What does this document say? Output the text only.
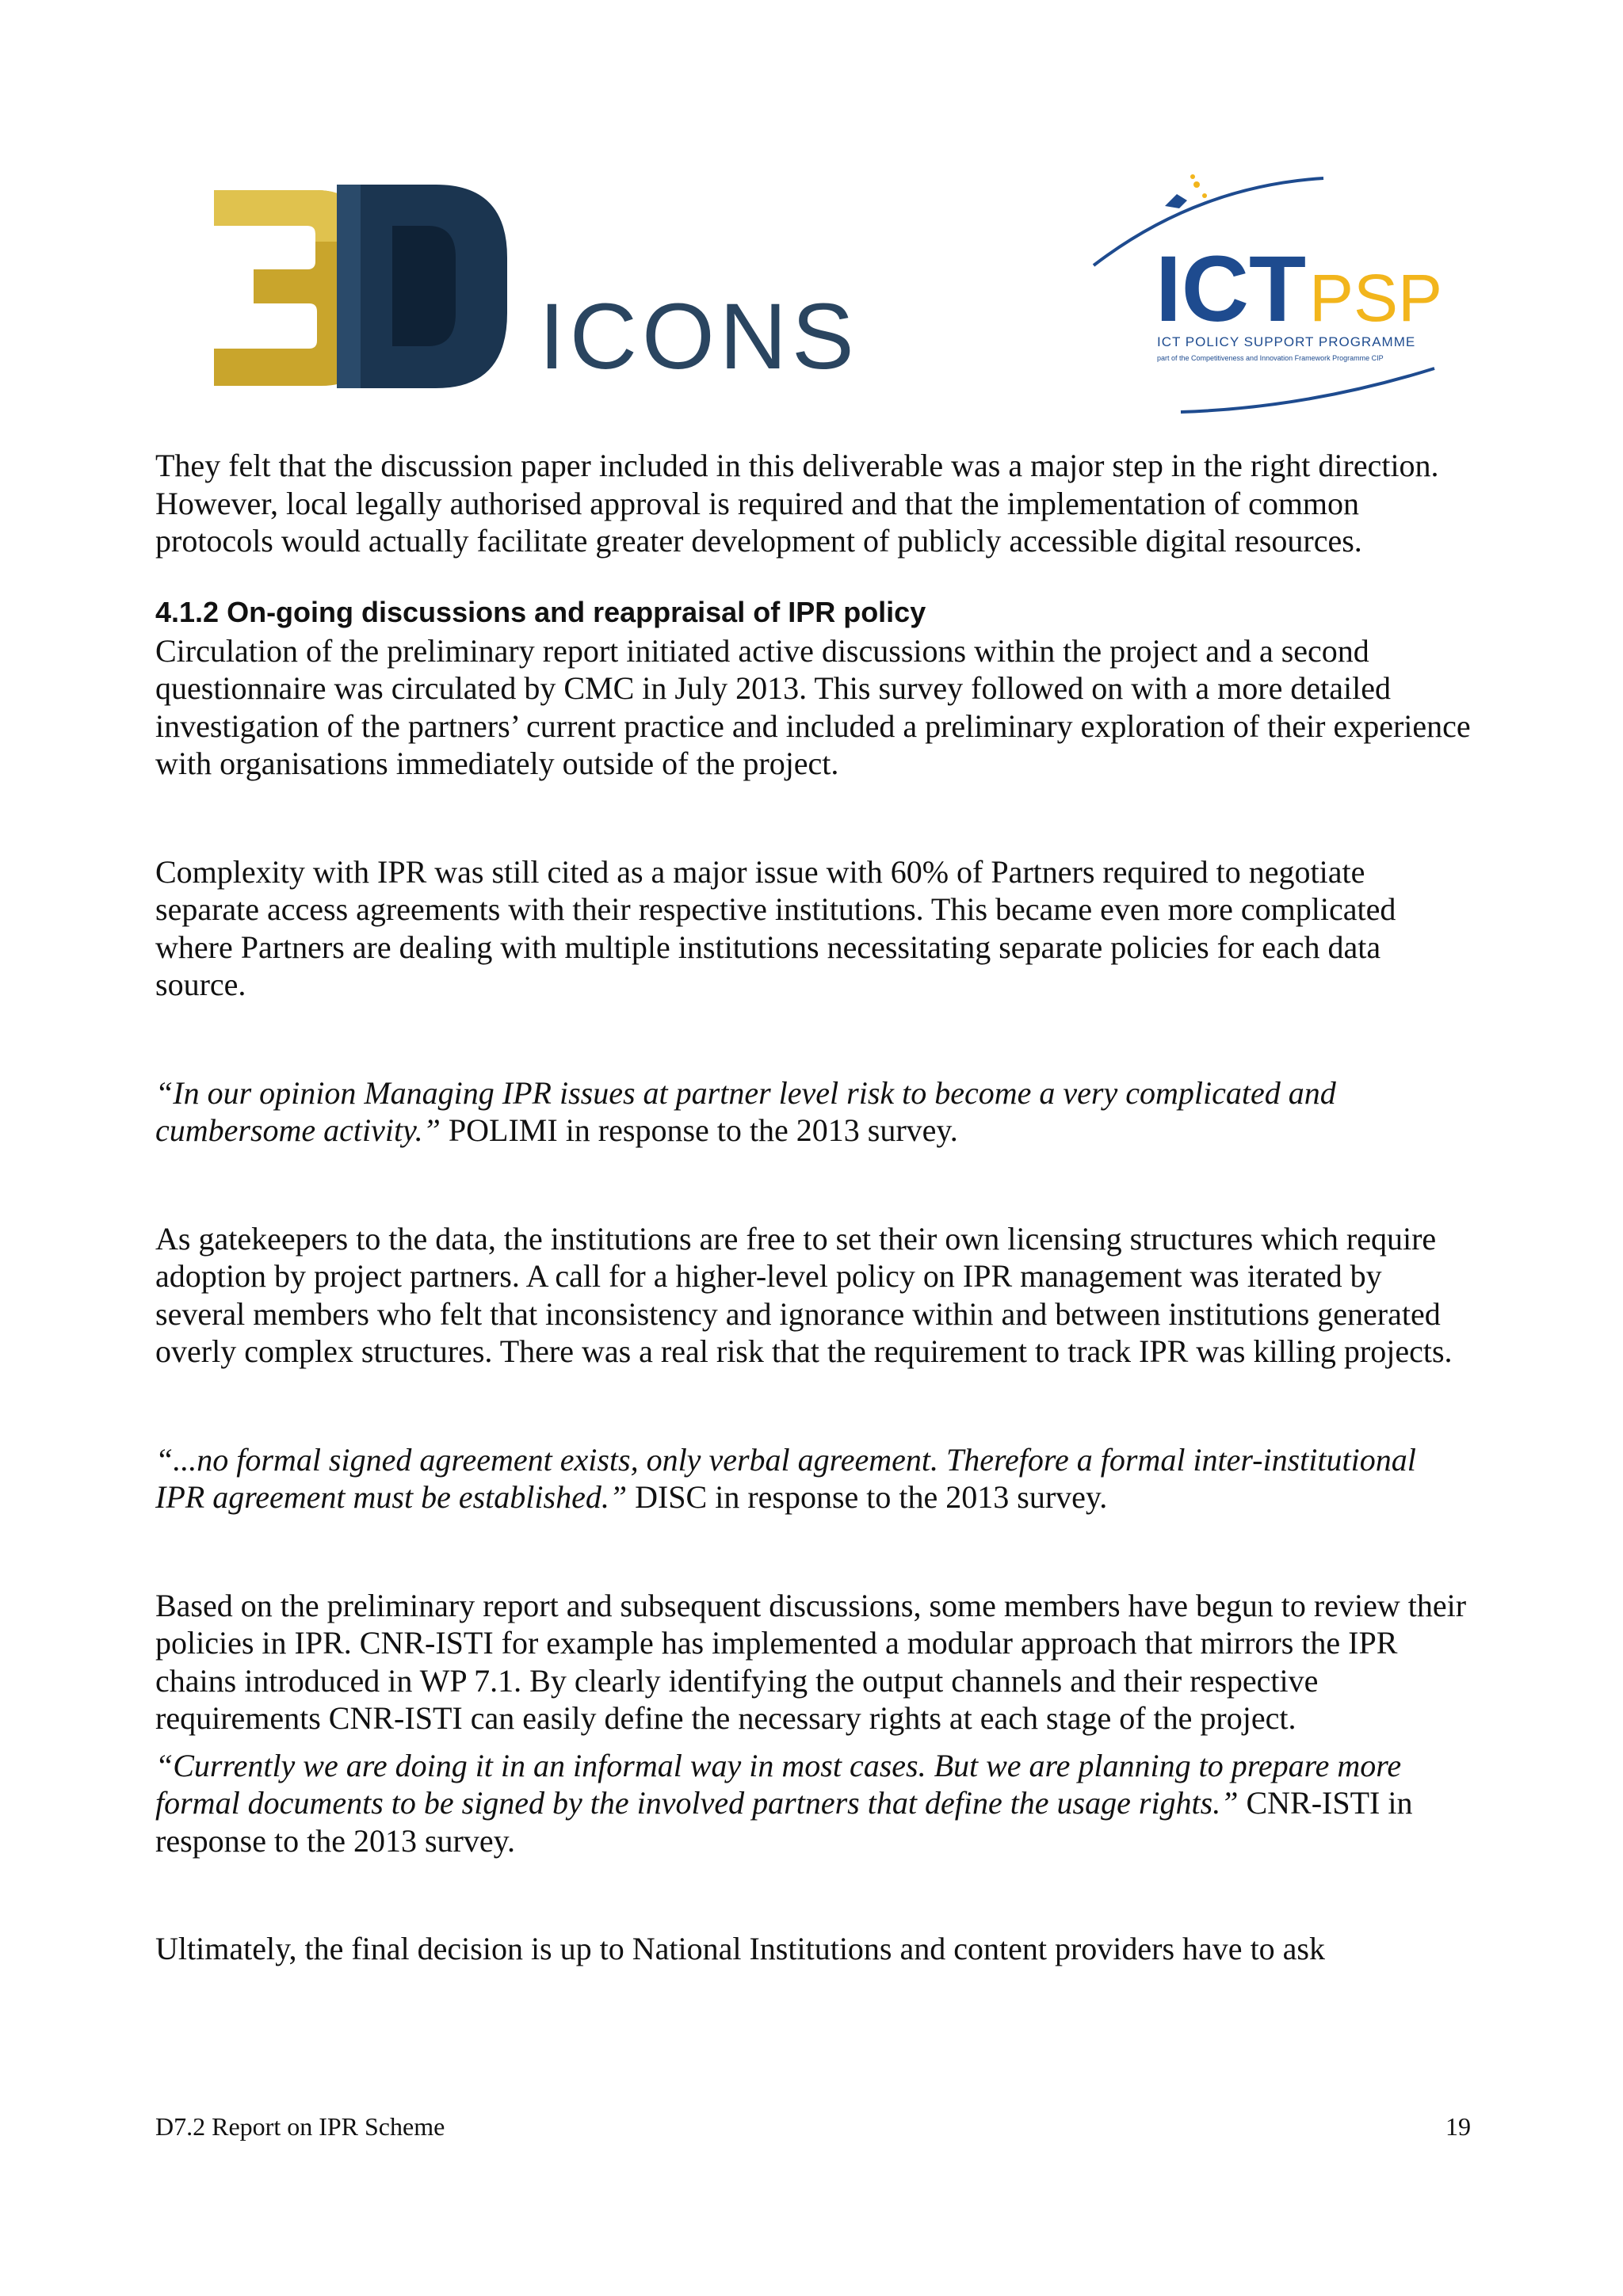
ICONS	ICT PSP
ICT POLICY SUPPORT PROGRAMME
part of the Competitiveness and Innovation Framework Programme CIP

They felt that the discussion paper included in this deliverable was a major step in the right direction. However, local legally authorised approval is required and that the implementation of common protocols would actually facilitate greater development of publicly accessible digital resources.

4.1.2 On-going discussions and reappraisal of IPR policy

Circulation of the preliminary report initiated active discussions within the project and a second questionnaire was circulated by CMC in July 2013. This survey followed on with a more detailed investigation of the partners’ current practice and included a preliminary exploration of their experience with organisations immediately outside of the project.

Complexity with IPR was still cited as a major issue with 60% of Partners required to negotiate separate access agreements with their respective institutions. This became even more complicated where Partners are dealing with multiple institutions necessitating separate policies for each data source.

“In our opinion Managing IPR issues at partner level risk to become a very complicated and cumbersome activity.” POLIMI in response to the 2013 survey.

As gatekeepers to the data, the institutions are free to set their own licensing structures which require adoption by project partners. A call for a higher-level policy on IPR management was iterated by several members who felt that inconsistency and ignorance within and between institutions generated overly complex structures. There was a real risk that the requirement to track IPR was killing projects.

“...no formal signed agreement exists, only verbal agreement. Therefore a formal inter-institutional IPR agreement must be established.” DISC in response to the 2013 survey.

Based on the preliminary report and subsequent discussions, some members have begun to review their policies in IPR. CNR-ISTI for example has implemented a modular approach that mirrors the IPR chains introduced in WP 7.1. By clearly identifying the output channels and their respective requirements CNR-ISTI can easily define the necessary rights at each stage of the project.

“Currently we are doing it in an informal way in most cases. But we are planning to prepare more formal documents to be signed by the involved partners that define the usage rights.” CNR-ISTI in response to the 2013 survey.

Ultimately, the final decision is up to National Institutions and content providers have to ask

D7.2 Report on IPR Scheme	19
